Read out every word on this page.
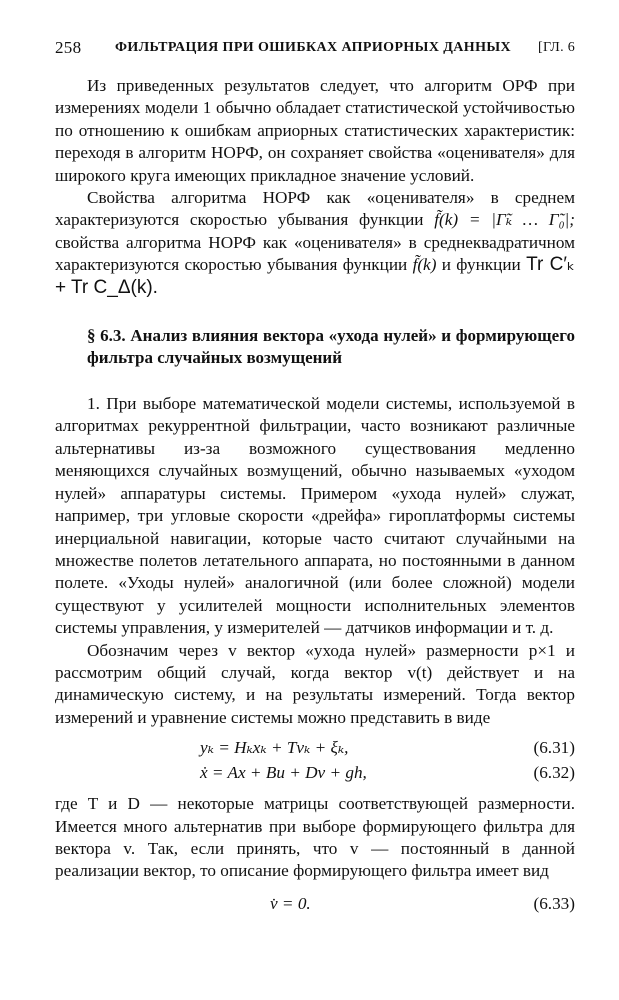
258 ФИЛЬТРАЦИЯ ПРИ ОШИБКАХ АПРИОРНЫХ ДАННЫХ [ГЛ. 6

Из приведенных результатов следует, что алгоритм ОРФ при измерениях модели 1 обычно обладает статистической устойчивостью по отношению к ошибкам априорных статистических характеристик: переходя в алгоритм НОРФ, он сохраняет свойства «оценивателя» для широкого круга имеющих прикладное значение условий.

Свойства алгоритма НОРФ как «оценивателя» в среднем характеризуются скоростью убывания функции f̃(k) = |Γ̃ₖ … Γ̃₀|; свойства алгоритма НОРФ как «оценивателя» в среднеквадратичном характеризуются скоростью убывания функции f̃(k) и функции Tr C′ₖ + Tr C_Δ(k).

§ 6.3. Анализ влияния вектора «ухода нулей» и формирующего фильтра случайных возмущений

1. При выборе математической модели системы, используемой в алгоритмах рекуррентной фильтрации, часто возникают различные альтернативы из-за возможного существования медленно меняющихся случайных возмущений, обычно называемых «уходом нулей» аппаратуры системы. Примером «ухода нулей» служат, например, три угловые скорости «дрейфа» гироплатформы системы инерциальной навигации, которые часто считают случайными на множестве полетов летательного аппарата, но постоянными в данном полете. «Уходы нулей» аналогичной (или более сложной) модели существуют у усилителей мощности исполнительных элементов системы управления, у измерителей — датчиков информации и т. д.

Обозначим через v вектор «ухода нулей» размерности p×1 и рассмотрим общий случай, когда вектор v(t) действует и на динамическую систему, и на результаты измерений. Тогда вектор измерений и уравнение системы можно представить в виде

yₖ = Hₖxₖ + Tvₖ + ξₖ,	(6.31)
ẋ = Ax + Bu + Dv + gh,	(6.32)

где T и D — некоторые матрицы соответствующей размерности. Имеется много альтернатив при выборе формирующего фильтра для вектора v. Так, если принять, что v — постоянный в данной реализации вектор, то описание формирующего фильтра имеет вид

v̇ = 0.	(6.33)
